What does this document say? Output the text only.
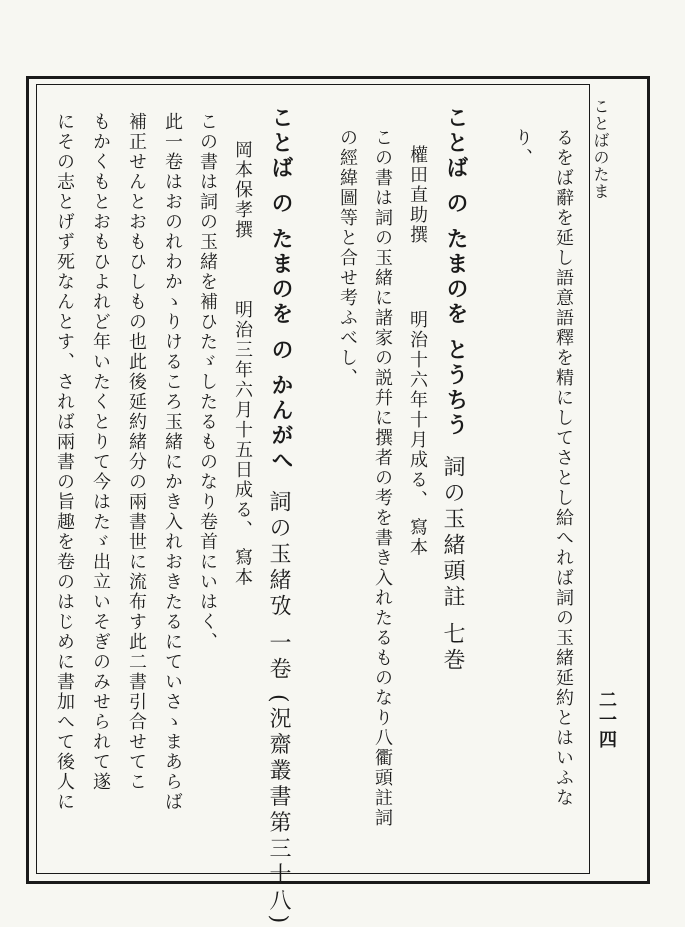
ことばのたま
二一四
るをば辭を延し語意語釋を精にしてさとし給へれば詞の玉緒延約とはいふな
り、
ことば の たまのを とうちう
詞の玉緒頭註 七巻
權田直助撰
明治十六年十月成る、 寫本
この書は詞の玉緒に諸家の説幷に撰者の考を書き入れたるものなり八衢頭註詞
の經緯圖等と合せ考ふべし、
ことば の たまのを の かんがへ
詞の玉緒攷 一卷 (況齋叢書第三十八)
岡本保孝撰
明治三年六月十五日成る、 寫本
この書は詞の玉緒を補ひたゞしたるものなり卷首にいはく、
此一卷はおのれわかゝりけるころ玉緒にかき入れおきたるにていさゝまあらば
補正せんとおもひしもの也此後延約緒分の兩書世に流布す此二書引合せてこ
もかくもとおもひよれど年いたくとりて今はたゞ出立いそぎのみせられて遂
にその志とげず死なんとす、されば兩書の旨趣を卷のはじめに書加へて後人に
